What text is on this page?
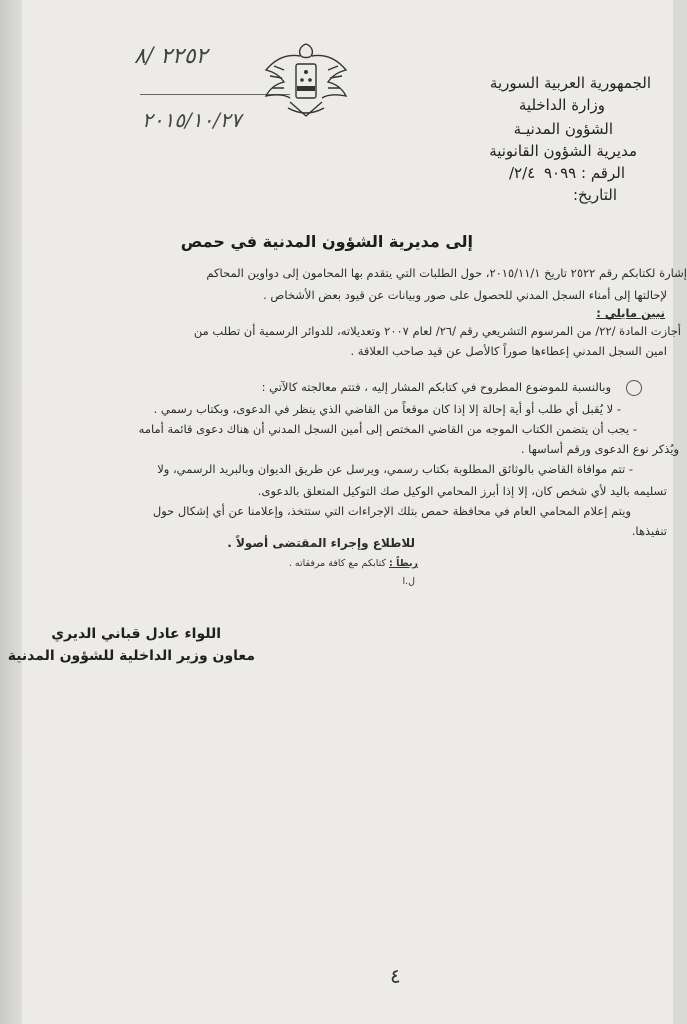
٢٢٥٢ /٨
٢٠١٥/١٠/٢٧
الجمهورية العربية السورية
وزارة الداخلية
الشؤون المدنيـة
مديرية الشؤون القانونية
الرقم : ٩٠٩٩ ٢/٤/
التاريخ:
إلى مديرية الشؤون المدنية في حمص
إشارة لكتابكم رقم ٢٥٢٢ تاريخ ٢٠١٥/١١/١، حول الطلبات التي يتقدم بها المحامون إلى دواوين المحاكم
لإحالتها إلى أمناء السجل المدني للحصول على صور وبيانات عن قيود بعض الأشخاص .
نبين مايلي :
أجازت المادة /٢٢/ من المرسوم التشريعي رقم /٢٦/ لعام ٢٠٠٧ وتعديلاته، للدوائر الرسمية أن تطلب من
امين السجل المدني إعطاءها صوراً كالأصل عن قيد صاحب العلاقة .
وبالنسبة للموضوع المطروح في كتابكم المشار إليه ، فتتم معالجته كالآتي :
- لا يُقبل أي طلب أو أية إحالة إلا إذا كان موقعاً من القاضي الذي ينظر في الدعوى، وبكتاب رسمي .
- يجب أن يتضمن الكتاب الموجه من القاضي المختص إلى أمين السجل المدني أن هناك دعوى قائمة أمامه
ويُذكر نوع الدعوى ورقم أساسها .
- تتم موافاة القاضي بالوثائق المطلوبة بكتاب رسمي، ويرسل عن طريق الديوان وبالبريد الرسمي، ولا
تسليمه باليد لأي شخص كان، إلا إذا أبرز المحامي الوكيل صك التوكيل المتعلق بالدعوى.
ويتم إعلام المحامي العام في محافظة حمص بتلك الإجراءات التي ستتخذ، وإعلامنا عن أي إشكال حول
تنفيذها.
للاطلاع وإجراء المقتضى أصولاً .
ربطاً : كتابكم مع كافة مرفقاته .
ل.ا
اللواء عادل قباني الديري
معاون وزير الداخلية للشؤون المدنية
٤
